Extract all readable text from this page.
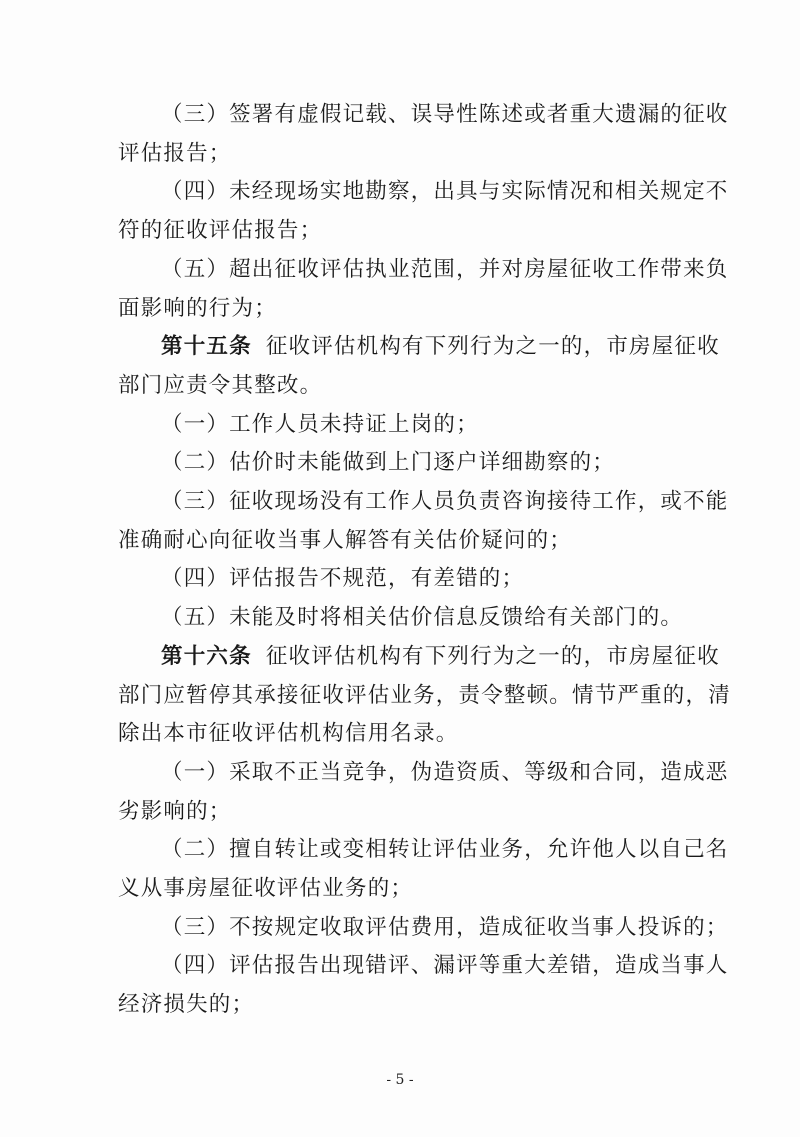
（三）签署有虚假记载、误导性陈述或者重大遗漏的征收
评估报告；
（四）未经现场实地勘察，出具与实际情况和相关规定不
符的征收评估报告；
（五）超出征收评估执业范围，并对房屋征收工作带来负
面影响的行为；
第十五条 征收评估机构有下列行为之一的，市房屋征收
部门应责令其整改。
（一）工作人员未持证上岗的；
（二）估价时未能做到上门逐户详细勘察的；
（三）征收现场没有工作人员负责咨询接待工作，或不能
准确耐心向征收当事人解答有关估价疑问的；
（四）评估报告不规范，有差错的；
（五）未能及时将相关估价信息反馈给有关部门的。
第十六条 征收评估机构有下列行为之一的，市房屋征收
部门应暂停其承接征收评估业务，责令整顿。情节严重的，清
除出本市征收评估机构信用名录。
（一）采取不正当竞争，伪造资质、等级和合同，造成恶
劣影响的；
（二）擅自转让或变相转让评估业务，允许他人以自己名
义从事房屋征收评估业务的；
（三）不按规定收取评估费用，造成征收当事人投诉的；
（四）评估报告出现错评、漏评等重大差错，造成当事人
经济损失的；
- 5 -
